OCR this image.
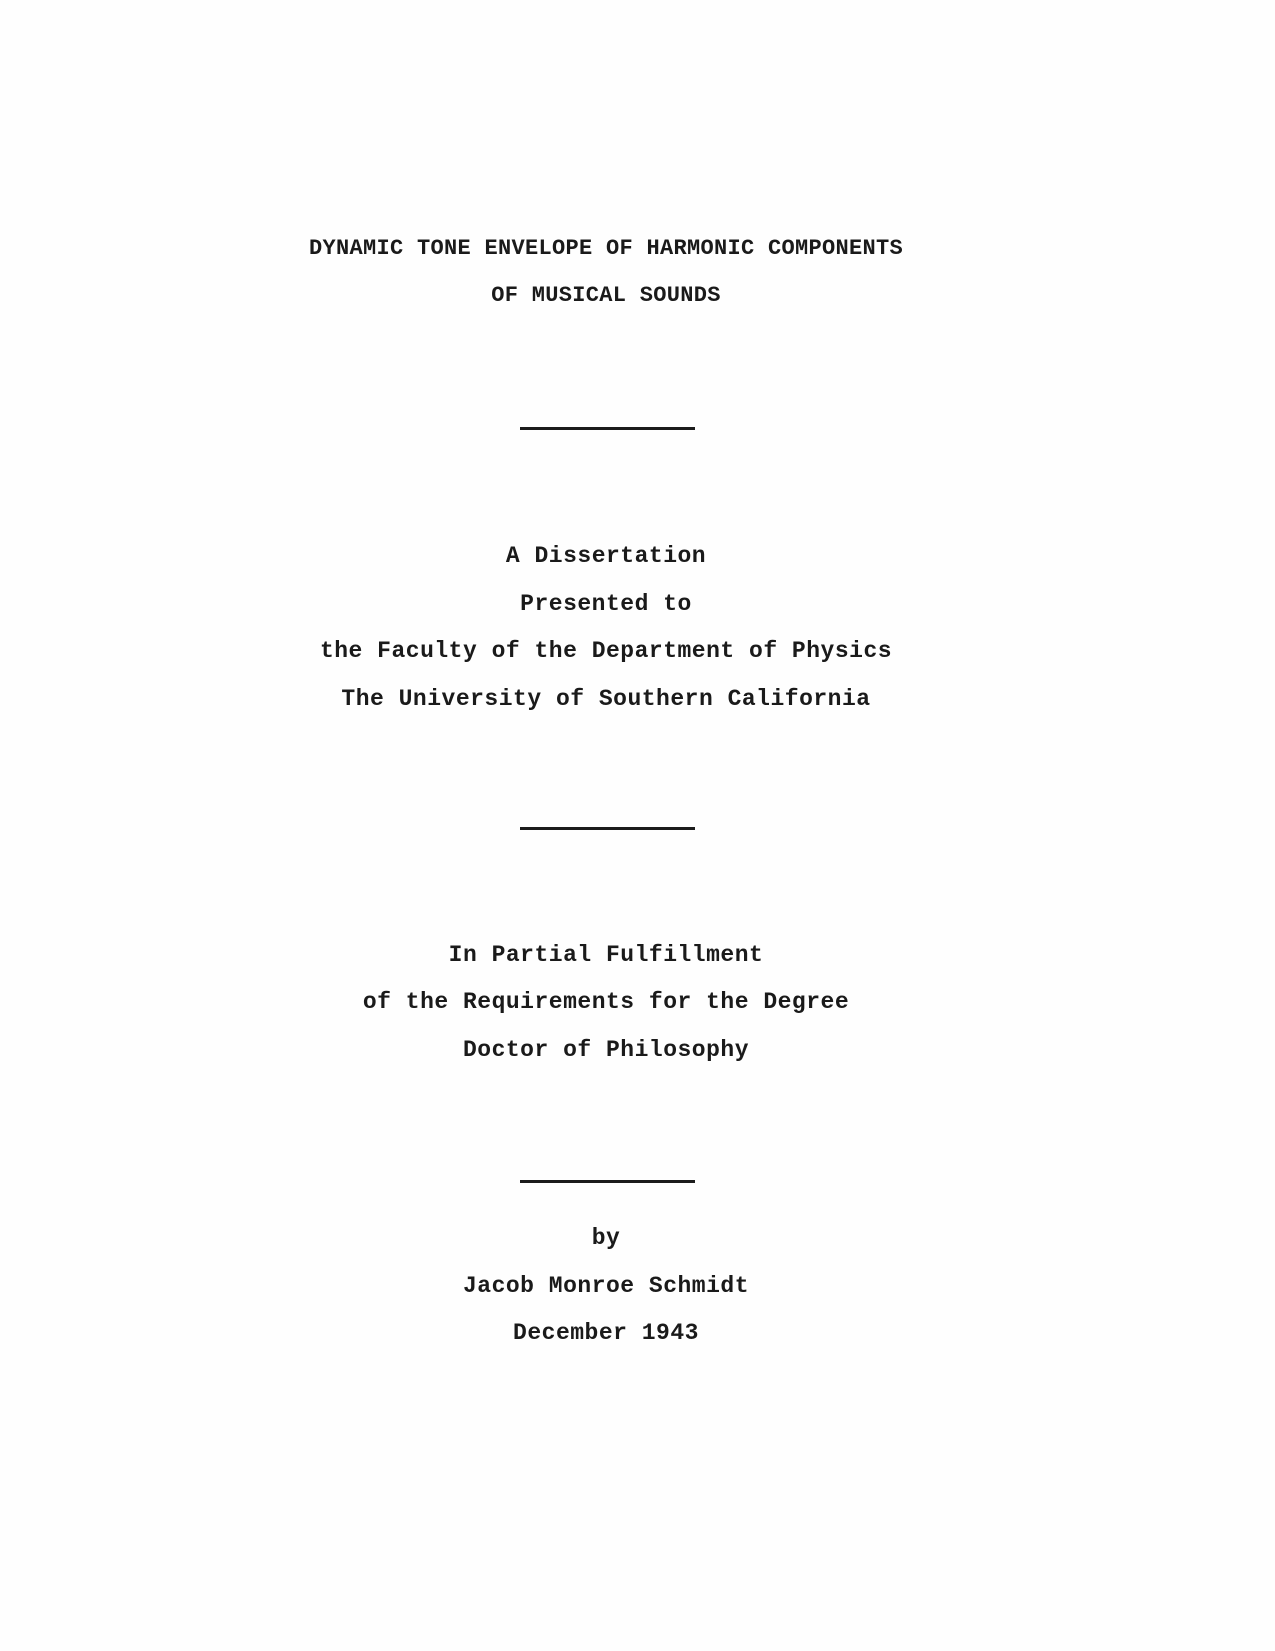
DYNAMIC TONE ENVELOPE OF HARMONIC COMPONENTS
OF MUSICAL SOUNDS
A Dissertation
Presented to
the Faculty of the Department of Physics
The University of Southern California
In Partial Fulfillment
of the Requirements for the Degree
Doctor of Philosophy
by
Jacob Monroe Schmidt
December 1943
